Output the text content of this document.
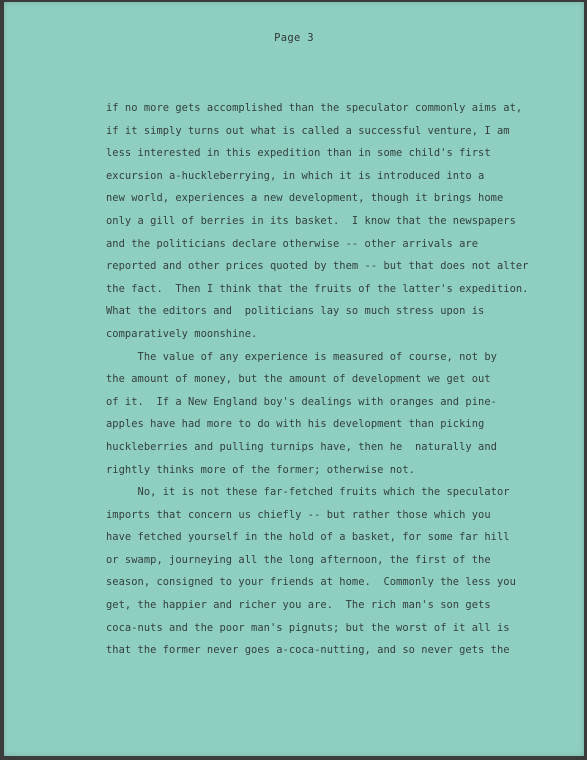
Page 3
if no more gets accomplished than the speculator commonly aims at,
if it simply turns out what is called a successful venture, I am
less interested in this expedition than in some child's first
excursion a-huckleberrying, in which it is introduced into a
new world, experiences a new development, though it brings home
only a gill of berries in its basket.  I know that the newspapers
and the politicians declare otherwise -- other arrivals are
reported and other prices quoted by them -- but that does not alter
the fact.  Then I think that the fruits of the latter's expedition.
What the editors and  politicians lay so much stress upon is
comparatively moonshine.
The value of any experience is measured of course, not by
the amount of money, but the amount of development we get out
of it.  If a New England boy's dealings with oranges and pine-
apples have had more to do with his development than picking
huckleberries and pulling turnips have, then he  naturally and
rightly thinks more of the former; otherwise not.
No, it is not these far-fetched fruits which the speculator
imports that concern us chiefly -- but rather those which you
have fetched yourself in the hold of a basket, for some far hill
or swamp, journeying all the long afternoon, the first of the
season, consigned to your friends at home.  Commonly the less you
get, the happier and richer you are.  The rich man's son gets
coca-nuts and the poor man's pignuts; but the worst of it all is
that the former never goes a-coca-nutting, and so never gets the
